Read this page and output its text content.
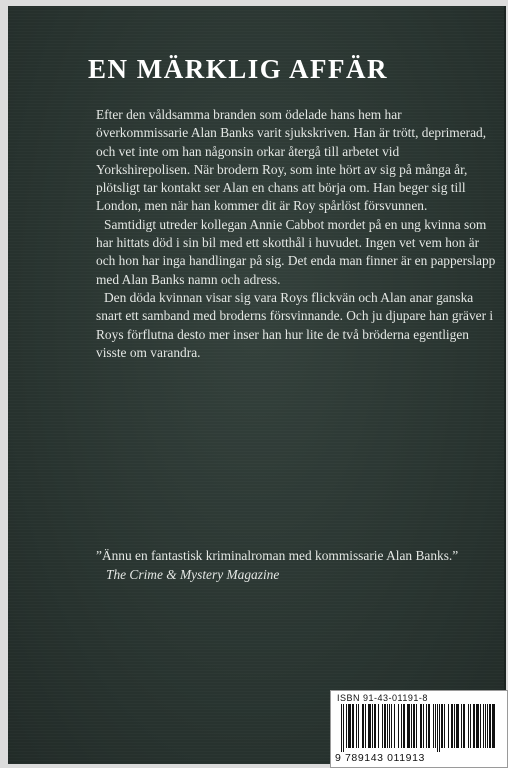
EN MÄRKLIG AFFÄR

Efter den våldsamma branden som ödelade hans hem har överkommissarie Alan Banks varit sjukskriven. Han är trött, deprimerad, och vet inte om han någonsin orkar återgå till arbetet vid Yorkshirepolisen. När brodern Roy, som inte hört av sig på många år, plötsligt tar kontakt ser Alan en chans att börja om. Han beger sig till London, men när han kommer dit är Roy spårlöst försvunnen.

Samtidigt utreder kollegan Annie Cabbot mordet på en ung kvinna som har hittats död i sin bil med ett skotthål i huvudet. Ingen vet vem hon är och hon har inga handlingar på sig. Det enda man finner är en papperslapp med Alan Banks namn och adress.

Den döda kvinnan visar sig vara Roys flickvän och Alan anar ganska snart ett samband med broderns försvinnande. Och ju djupare han gräver i Roys förflutna desto mer inser han hur lite de två bröderna egentligen visste om varandra.

”Ännu en fantastisk kriminalroman med kommissarie Alan Banks.”
The Crime & Mystery Magazine
ISBN 91-43-01191-8
9 789143 011913
